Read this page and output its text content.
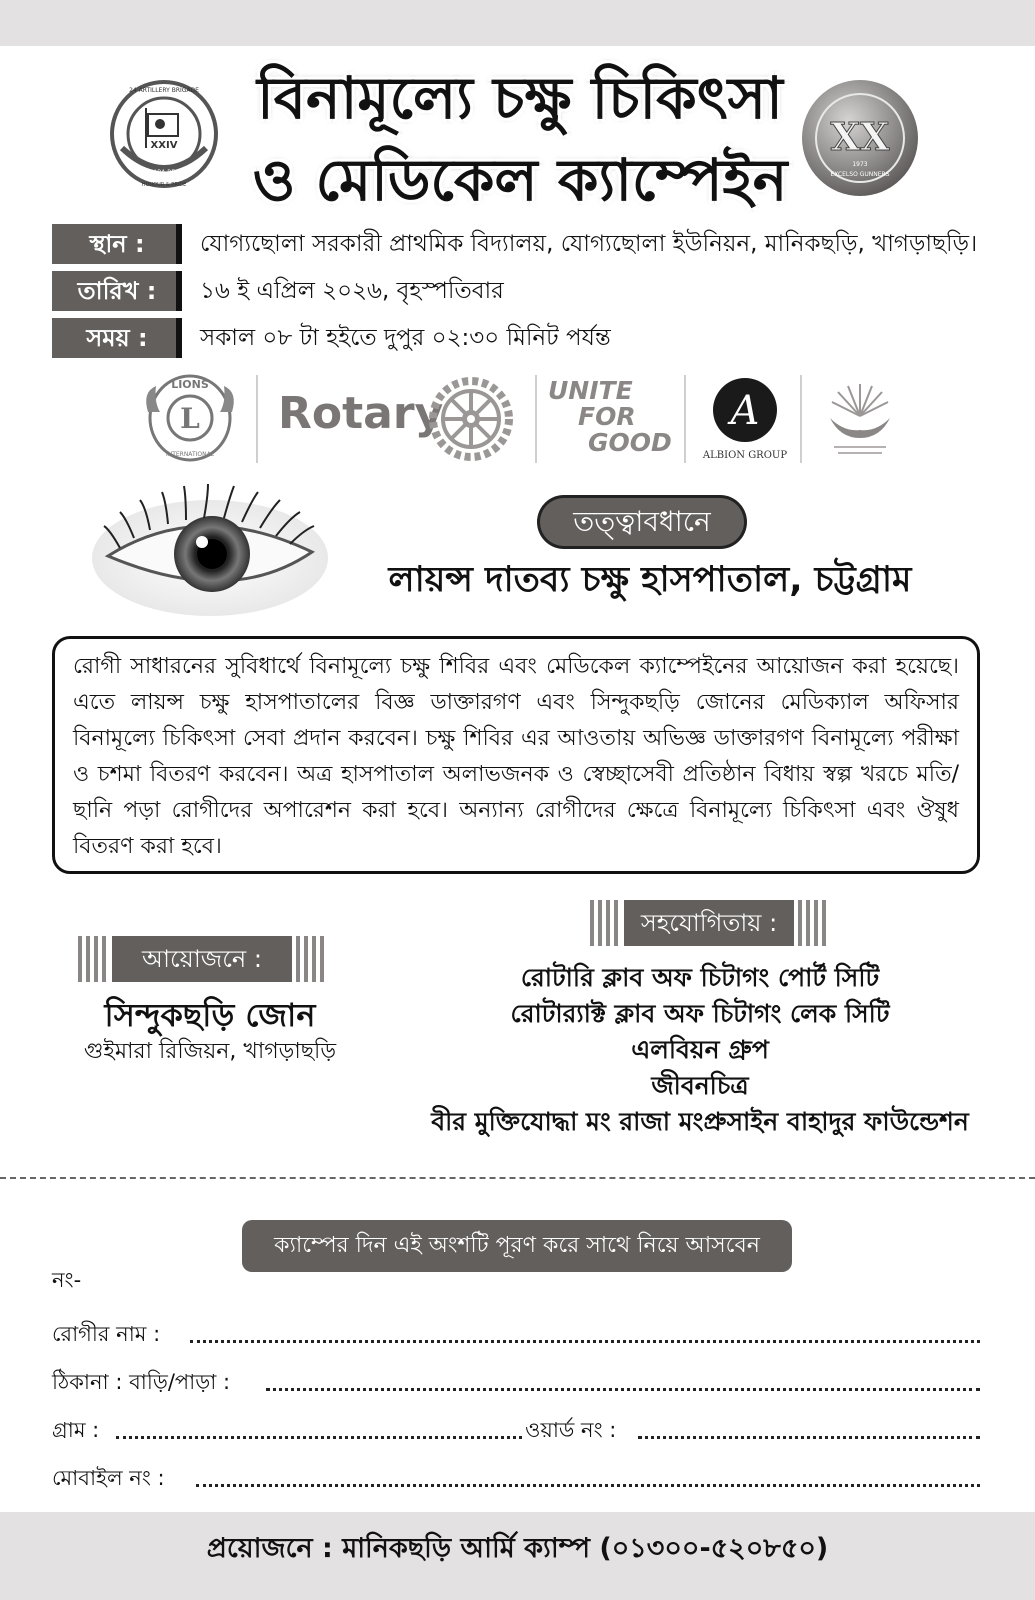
XXIV
24 ARTILLERY BRIGADE
GUIMARA REGION
HONOUR & PRIDE
বিনামূল্যে চক্ষু চিকিৎসা
ও মেডিকেল ক্যাম্পেইন
XX
1973
EXCELSO GUNNERS
স্থান :	যোগ্যছোলা সরকারী প্রাথমিক বিদ্যালয়, যোগ্যছোলা ইউনিয়ন, মানিকছড়ি, খাগড়াছড়ি।
তারিখ :	১৬ ই এপ্রিল ২০২৬, বৃহস্পতিবার
সময় :	সকাল ০৮ টা হইতে দুপুর ০২:৩০ মিনিট পর্যন্ত
L
LIONS
INTERNATIONAL
Rotary	UNITE
FOR
GOOD
A
ALBION GROUP
তত্ত্বাবধানে
লায়ন্স দাতব্য চক্ষু হাসপাতাল, চট্টগ্রাম
রোগী সাধারনের সুবিধার্থে বিনামূল্যে চক্ষু শিবির এবং মেডিকেল ক্যাম্পেইনের আয়োজন করা হয়েছে। এতে লায়ন্স চক্ষু হাসপাতালের বিজ্ঞ ডাক্তারগণ এবং সিন্দুকছড়ি জোনের মেডিক্যাল অফিসার বিনামূল্যে চিকিৎসা সেবা প্রদান করবেন। চক্ষু শিবির এর আওতায় অভিজ্ঞ ডাক্তারগণ বিনামূল্যে পরীক্ষা ও চশমা বিতরণ করবেন। অত্র হাসপাতাল অলাভজনক ও স্বেচ্ছাসেবী প্রতিষ্ঠান বিধায় স্বল্প খরচে মতি/ছানি পড়া রোগীদের অপারেশন করা হবে। অন্যান্য রোগীদের ক্ষেত্রে বিনামূল্যে চিকিৎসা এবং ঔষুধ বিতরণ করা হবে।
আয়োজনে :
সিন্দুকছড়ি জোন
গুইমারা রিজিয়ন, খাগড়াছড়ি
সহযোগিতায় :
রোটারি ক্লাব অফ চিটাগং পোর্ট সিটি
রোটার‍্যাক্ট ক্লাব অফ চিটাগং লেক সিটি
এলবিয়ন গ্রুপ
জীবনচিত্র
বীর মুক্তিযোদ্ধা মং রাজা মংপ্রুসাইন বাহাদুর ফাউন্ডেশন
ক্যাম্পের দিন এই অংশটি পূরণ করে সাথে নিয়ে আসবেন
নং-
রোগীর নাম :
ঠিকানা : বাড়ি/পাড়া :
গ্রাম :	ওয়ার্ড নং :
মোবাইল নং :
প্রয়োজনে : মানিকছড়ি আর্মি ক্যাম্প (০১৩০০-৫২০৮৫০)
